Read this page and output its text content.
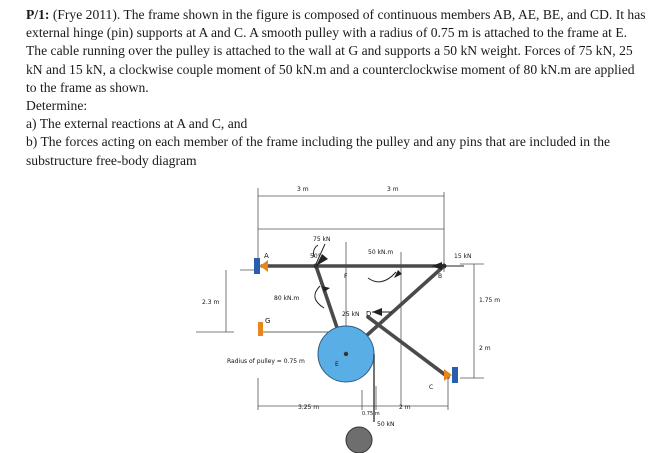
P/1: (Frye 2011). The frame shown in the figure is composed of continuous members AB, AE, BE, and CD. It has external hinge (pin) supports at A and C. A smooth pulley with a radius of 0.75 m is attached to the frame at E. The cable running over the pulley is attached to the wall at G and supports a 50 kN weight. Forces of 75 kN, 25 kN and 15 kN, a clockwise couple moment of 50 kN.m and a counterclockwise moment of 80 kN.m are applied to the frame as shown.

Determine:

a) The external reactions at A and C, and

b) The forces acting on each member of the frame including the pulley and any pins that are included in the substructure free-body diagram

3 m	3 m
75 kN
50°
50 kN.m
15 kN
A
B
F
2.3 m
80 kN.m	1.75 m
25 kN D
G
2 m
E
Radius of pulley = 0.75 m
C
3.25 m
0.75 m
2 m
50 kN
